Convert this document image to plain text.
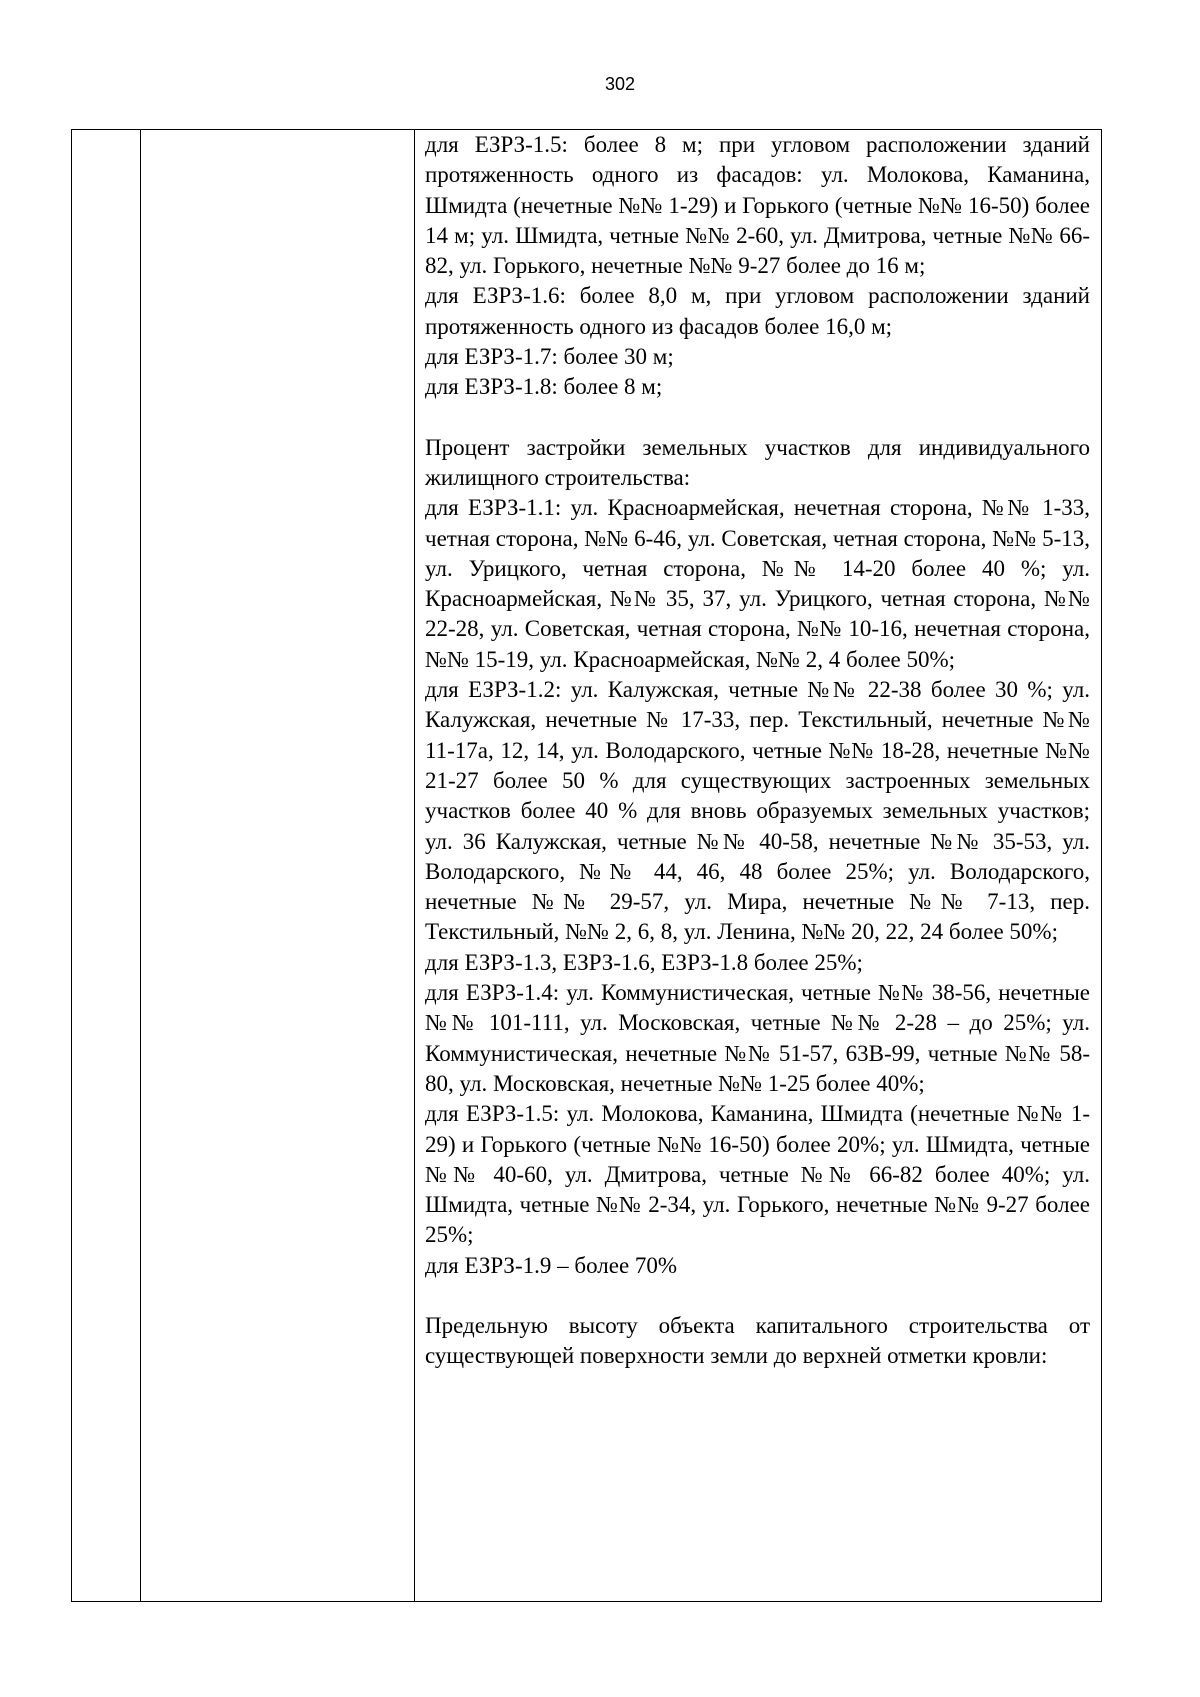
302

для ЕЗРЗ-1.5: более 8 м; при угловом расположении зданий протяженность одного из фасадов: ул. Молокова, Каманина, Шмидта (нечетные №№ 1-29) и Горького (четные №№ 16-50) более 14 м; ул. Шмидта, четные №№ 2-60, ул. Дмитрова, четные №№ 66-82, ул. Горького, нечетные №№ 9-27 более до 16 м;

для ЕЗРЗ-1.6: более 8,0 м, при угловом расположении зданий протяженность одного из фасадов более 16,0 м;

для ЕЗРЗ-1.7: более 30 м;

для ЕЗРЗ-1.8: более 8 м;

Процент застройки земельных участков для индивидуального жилищного строительства:

для ЕЗРЗ-1.1: ул. Красноармейская, нечетная сторона, №№ 1-33, четная сторона, №№ 6-46, ул. Советская, четная сторона, №№ 5-13, ул. Урицкого, четная сторона, №№ 14-20 более 40 %; ул. Красноармейская, №№ 35, 37, ул. Урицкого, четная сторона, №№ 22-28, ул. Советская, четная сторона, №№ 10-16, нечетная сторона, №№ 15-19, ул. Красноармейская, №№ 2, 4 более 50%;

для ЕЗРЗ-1.2: ул. Калужская, четные №№ 22-38 более 30 %; ул. Калужская, нечетные № 17-33, пер. Текстильный, нечетные №№ 11-17а, 12, 14, ул. Володарского, четные №№ 18-28, нечетные №№ 21-27 более 50 % для существующих застроенных земельных участков более 40 % для вновь образуемых земельных участков; ул. 36 Калужская, четные №№ 40-58, нечетные №№ 35-53, ул. Володарского, №№ 44, 46, 48 более 25%; ул. Володарского, нечетные №№ 29-57, ул. Мира, нечетные №№ 7-13, пер. Текстильный, №№ 2, 6, 8, ул. Ленина, №№ 20, 22, 24 более 50%;

для ЕЗРЗ-1.3, ЕЗРЗ-1.6, ЕЗРЗ-1.8 более 25%;

для ЕЗРЗ-1.4: ул. Коммунистическая, четные №№ 38-56, нечетные №№ 101-111, ул. Московская, четные №№ 2-28 – до 25%; ул. Коммунистическая, нечетные №№ 51-57, 63В-99, четные №№ 58-80, ул. Московская, нечетные №№ 1-25 более 40%;

для ЕЗРЗ-1.5: ул. Молокова, Каманина, Шмидта (нечетные №№ 1-29) и Горького (четные №№ 16-50) более 20%; ул. Шмидта, четные №№ 40-60, ул. Дмитрова, четные №№ 66-82 более 40%; ул. Шмидта, четные №№ 2-34, ул. Горького, нечетные №№ 9-27 более 25%;

для ЕЗРЗ-1.9 – более 70%

Предельную высоту объекта капитального строительства от существующей поверхности земли до верхней отметки кровли:
